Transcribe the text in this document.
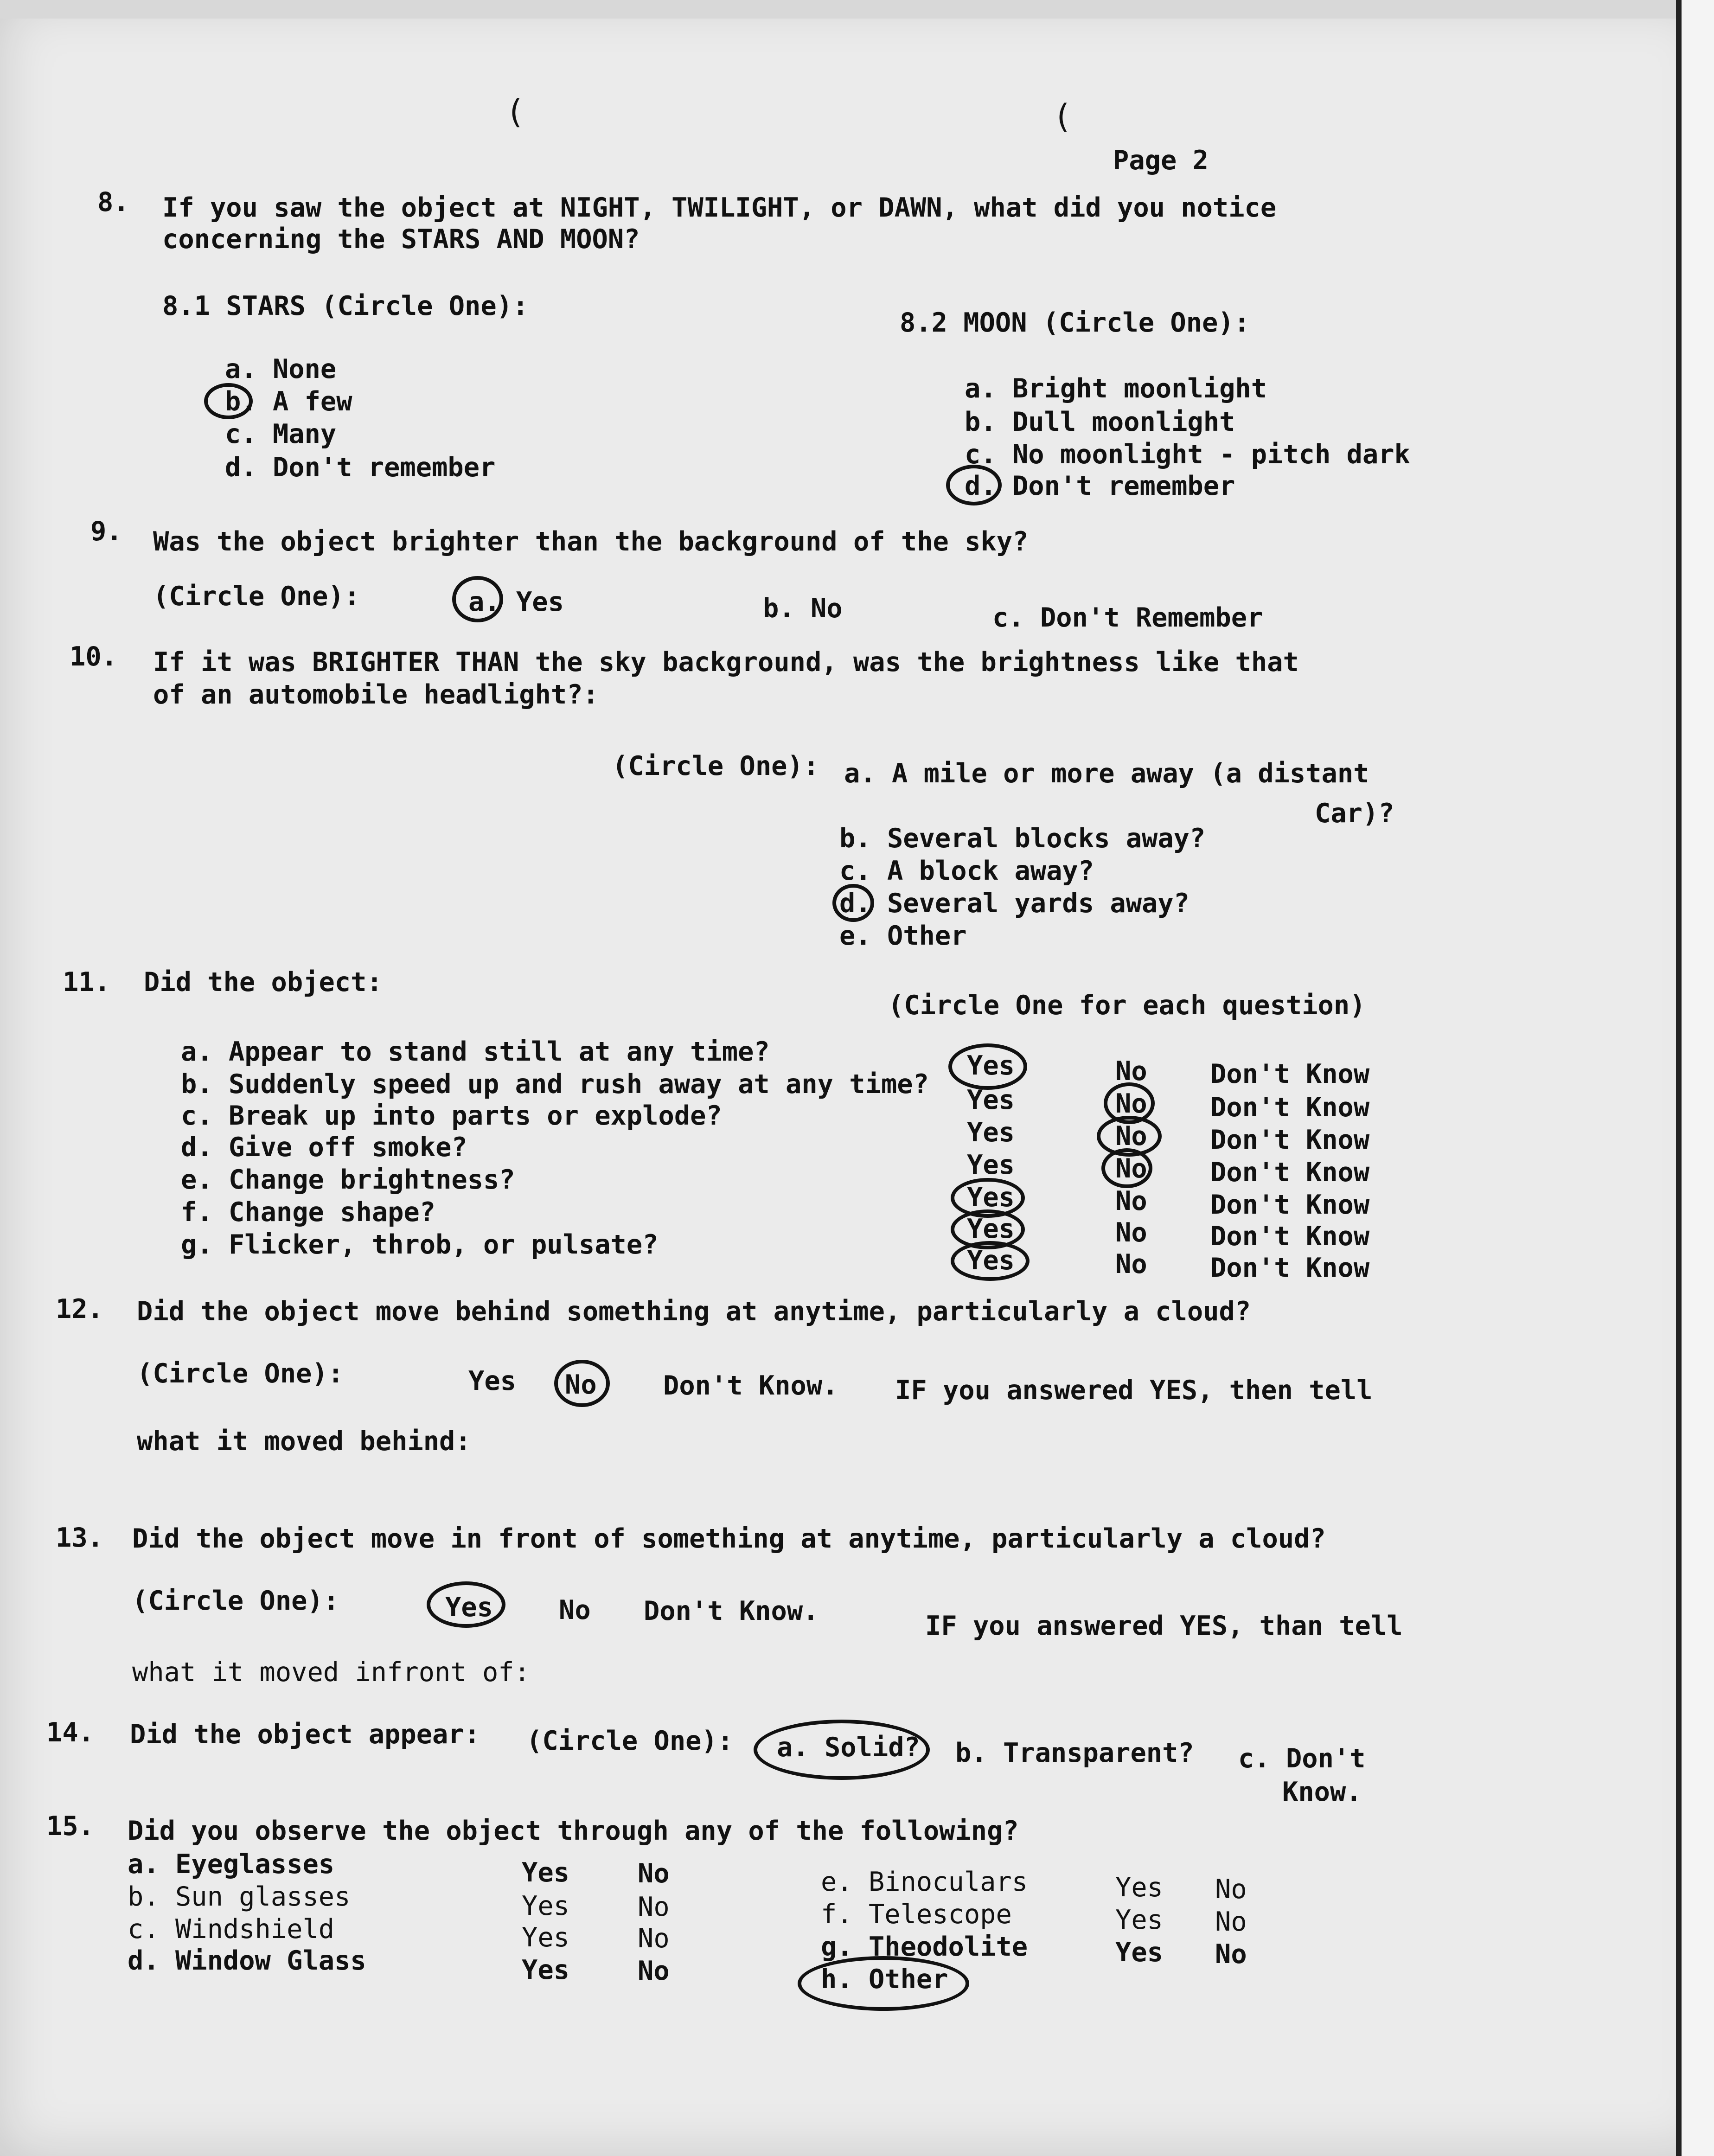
(	(
Page 2
8. If you saw the object at NIGHT, TWILIGHT, or DAWN, what did you notice
concerning the STARS AND MOON?
8.1 STARS (Circle One):
a. None
b. A few
c. Many
d. Don't remember
8.2 MOON (Circle One):
a. Bright moonlight
b. Dull moonlight
c. No moonlight - pitch dark
d. Don't remember
9. Was the object brighter than the background of the sky?
(Circle One):	a. Yes	b. No	c. Don't Remember
10. If it was BRIGHTER THAN the sky background, was the brightness like that
of an automobile headlight?:
(Circle One): a. A mile or more away (a distant
Car)?
b. Several blocks away?
c. A block away?
d. Several yards away?
e. Other
11. Did the object:
(Circle One for each question)
a. Appear to stand still at any time?	Yes	No Don't Know
b. Suddenly speed up and rush away at any time?
Yes	No Don't Know
c. Break up into parts or explode?
Yes	No Don't Know
d. Give off smoke?
Yes	No Don't Know
e. Change brightness?
Yes	No Don't Know
f. Change shape?
Yes	No Don't Know
g. Flicker, throb, or pulsate?
Yes	No Don't Know
12. Did the object move behind something at anytime, particularly a cloud?
(Circle One):	Yes No	Don't Know. IF you answered YES, then tell
what it moved behind:
13. Did the object move in front of something at anytime, particularly a cloud?
(Circle One):	Yes No Don't Know.	IF you answered YES, than tell
what it moved infront of:
14. Did the object appear: (Circle One): a. Solid? b. Transparent? c. Don't
Know.
15. Did you observe the object through any of the following?
a. Eyeglasses	Yes	No
b. Sun glasses	Yes	No
c. Windshield	Yes	No
d. Window Glass	Yes	No
e. Binoculars	Yes No
f. Telescope	Yes No
g. Theodolite	Yes No
h. Other
